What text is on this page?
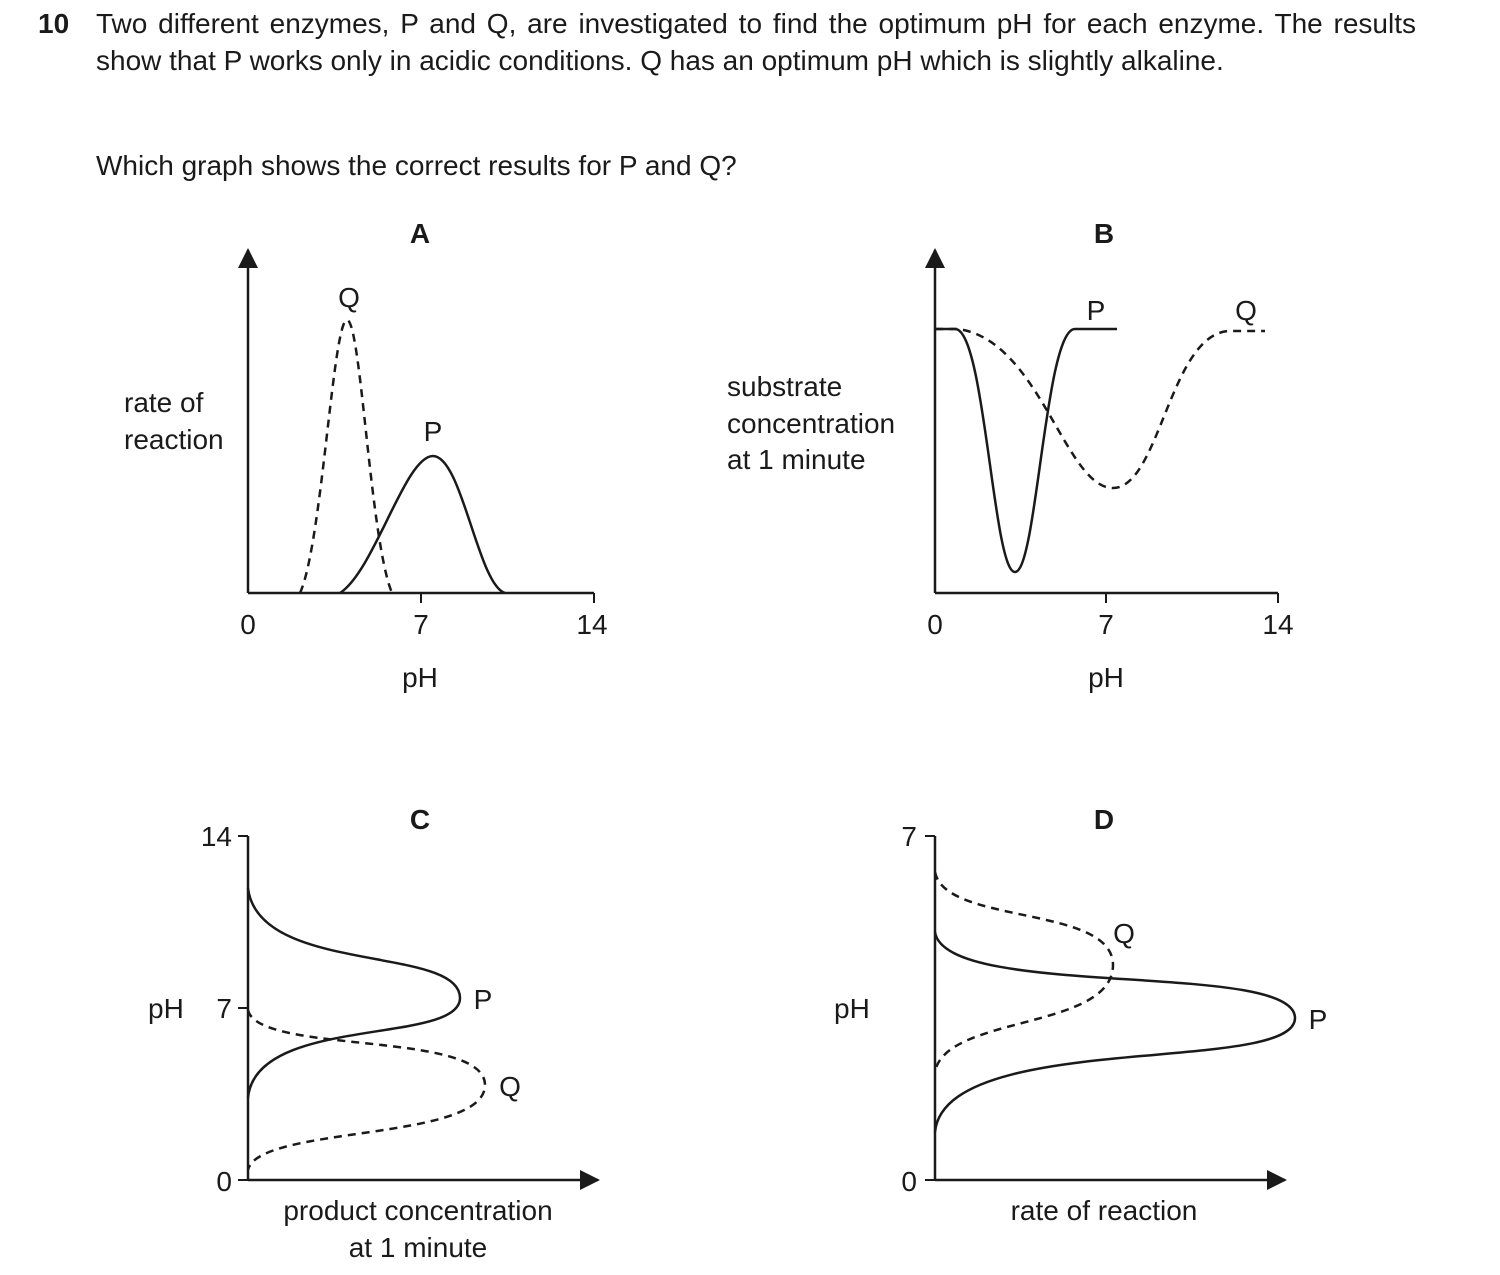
10 Two different enzymes, P and Q, are investigated to find the optimum pH for each enzyme. The results show that P works only in acidic conditions. Q has an optimum pH which is slightly alkaline.
Which graph shows the correct results for P and Q?
A
0	7	14
pH
rate of
reaction
Q
P
B
0	7	14
pH
substrate
concentration
at 1 minute
P	Q
C
14
7
0
pH
product concentration
at 1 minute
P
Q
D
7
0
pH
rate of reaction
Q
P
